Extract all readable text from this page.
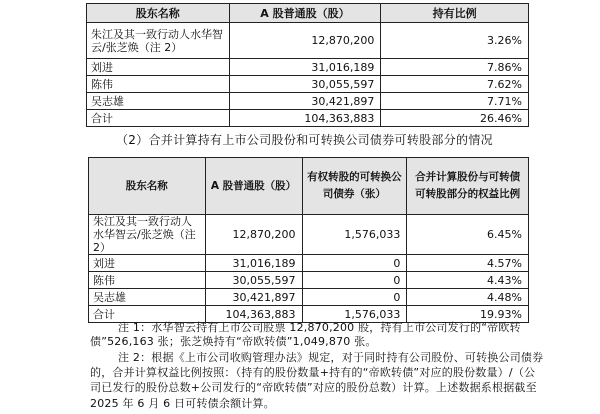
股东名称	A 股普通股（股）	持有比例
朱江及其一致行动人水华智云/张芝焕（注 2）	12,870,200	3.26%
刘进	31,016,189	7.86%
陈伟	30,055,597	7.62%
吴志雄	30,421,897	7.71%
合计	104,363,883	26.46%
（2）合并计算持有上市公司股份和可转换公司债券可转股部分的情况
股东名称	A 股普通股（股）	有权转股的可转换公司债券（张）	合并计算股份与可转债可转股部分的权益比例
朱江及其一致行动人水华智云/张芝焕（注 2）	12,870,200	1,576,033	6.45%
刘进	31,016,189	0	4.57%
陈伟	30,055,597	0	4.43%
吴志雄	30,421,897	0	4.48%
合计	104,363,883	1,576,033	19.93%
注 1：水华智云持有上市公司股票 12,870,200 股，持有上市公司发行的“帝欧转
债”526,163 张；张芝焕持有“帝欧转债”1,049,870 张。
注 2：根据《上市公司收购管理办法》规定，对于同时持有公司股份、可转换公司债券
的，合并计算权益比例按照：（持有的股份数量+持有的“帝欧转债”对应的股份数量）/（公
司已发行的股份总数+公司发行的“帝欧转债”对应的股份总数）计算。上述数据系根据截至
2025 年 6 月 6 日可转债余额计算。
